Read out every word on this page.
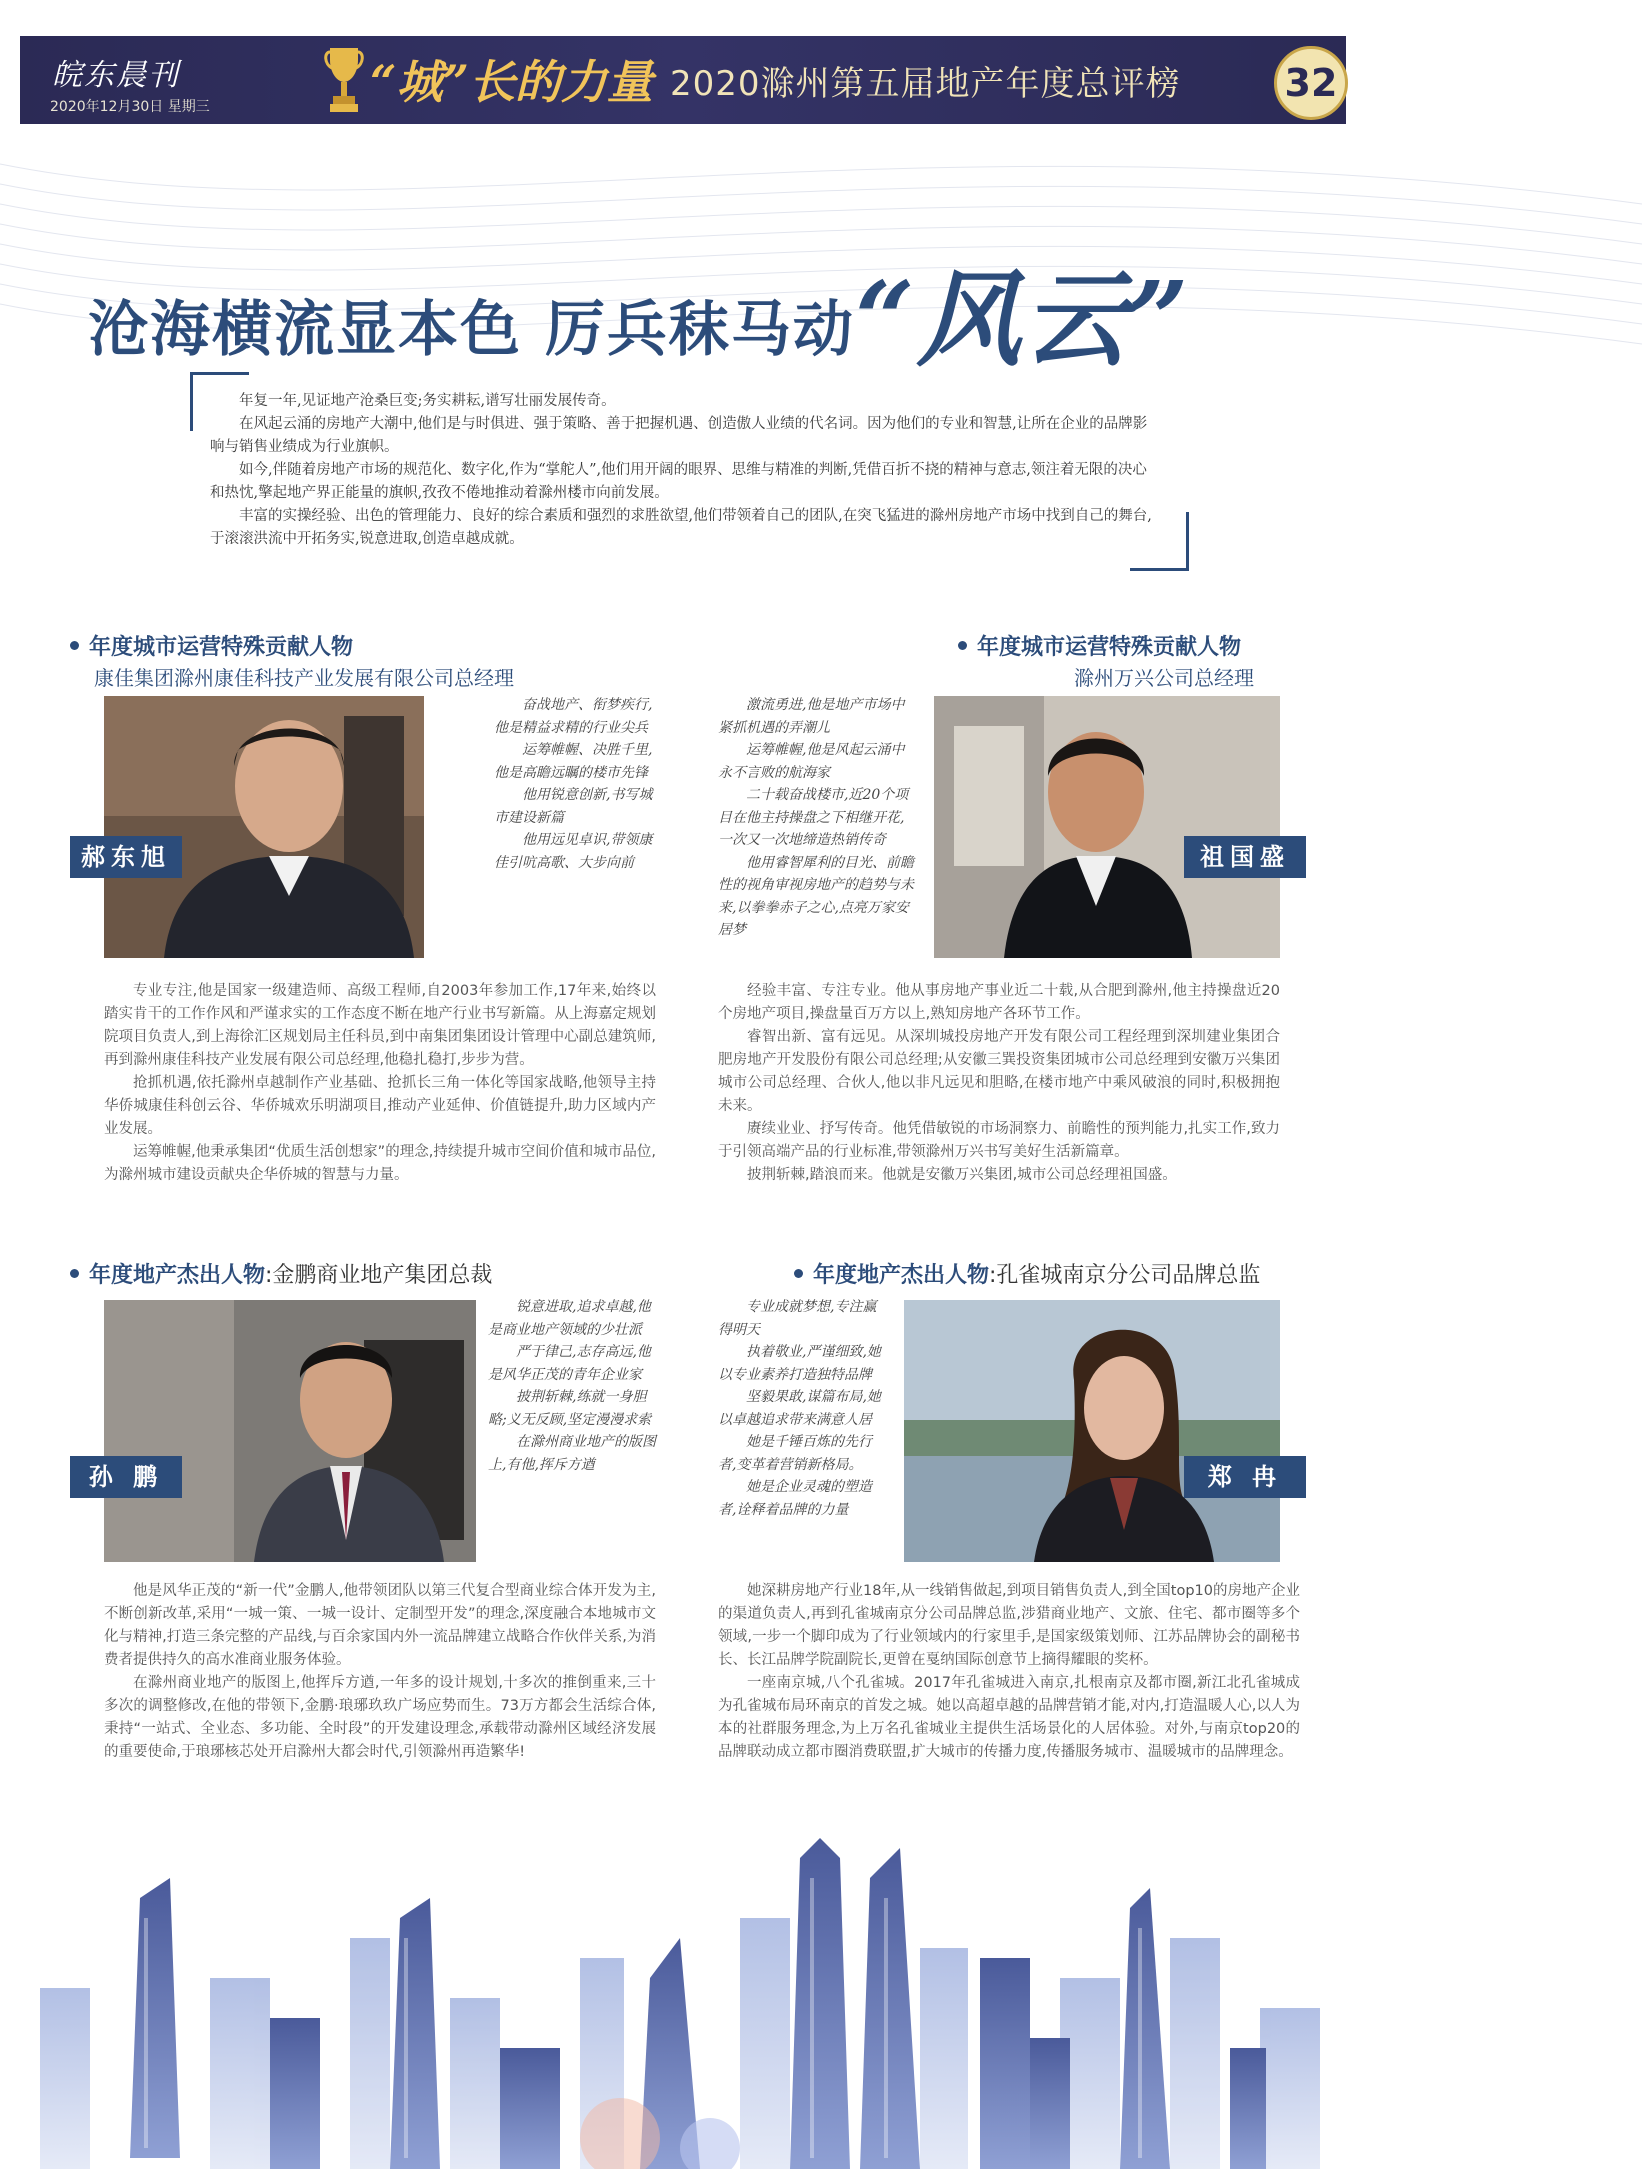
皖东晨刊
2020年12月30日 星期三	“城”长的力量 2020滁州第五届地产年度总评榜	32
沧海横流显本色 厉兵秣马动“风云”

年复一年,见证地产沧桑巨变;务实耕耘,谱写壮丽发展传奇。

在风起云涌的房地产大潮中,他们是与时俱进、强于策略、善于把握机遇、创造傲人业绩的代名词。因为他们的专业和智慧,让所在企业的品牌影响与销售业绩成为行业旗帜。

如今,伴随着房地产市场的规范化、数字化,作为“掌舵人”,他们用开阔的眼界、思维与精准的判断,凭借百折不挠的精神与意志,领注着无限的决心和热忱,擎起地产界正能量的旗帜,孜孜不倦地推动着滁州楼市向前发展。

丰富的实操经验、出色的管理能力、良好的综合素质和强烈的求胜欲望,他们带领着自己的团队,在突飞猛进的滁州房地产市场中找到自己的舞台,于滚滚洪流中开拓务实,锐意进取,创造卓越成就。

年度城市运营特殊贡献人物
康佳集团滁州康佳科技产业发展有限公司总经理
郝东旭

奋战地产、衔梦疾行,他是精益求精的行业尖兵

运筹帷幄、决胜千里,他是高瞻远瞩的楼市先锋

他用锐意创新,书写城市建设新篇

他用远见卓识,带领康佳引吭高歌、大步向前

专业专注,他是国家一级建造师、高级工程师,自2003年参加工作,17年来,始终以踏实肯干的工作作风和严谨求实的工作态度不断在地产行业书写新篇。从上海嘉定规划院项目负责人,到上海徐汇区规划局主任科员,到中南集团集团设计管理中心副总建筑师,再到滁州康佳科技产业发展有限公司总经理,他稳扎稳打,步步为营。

抢抓机遇,依托滁州卓越制作产业基础、抢抓长三角一体化等国家战略,他领导主持华侨城康佳科创云谷、华侨城欢乐明湖项目,推动产业延伸、价值链提升,助力区域内产业发展。

运筹帷幄,他秉承集团“优质生活创想家”的理念,持续提升城市空间价值和城市品位,为滁州城市建设贡献央企华侨城的智慧与力量。

年度城市运营特殊贡献人物
滁州万兴公司总经理

激流勇进,他是地产市场中紧抓机遇的弄潮儿

运筹帷幄,他是风起云涌中永不言败的航海家

二十载奋战楼市,近20个项目在他主持操盘之下相继开花,一次又一次地缔造热销传奇

他用睿智犀利的目光、前瞻性的视角审视房地产的趋势与未来,以拳拳赤子之心,点亮万家安居梦

祖国盛

经验丰富、专注专业。他从事房地产事业近二十载,从合肥到滁州,他主持操盘近20个房地产项目,操盘量百万方以上,熟知房地产各环节工作。

睿智出新、富有远见。从深圳城投房地产开发有限公司工程经理到深圳建业集团合肥房地产开发股份有限公司总经理;从安徽三巽投资集团城市公司总经理到安徽万兴集团城市公司总经理、合伙人,他以非凡远见和胆略,在楼市地产中乘风破浪的同时,积极拥抱未来。

赓续业业、抒写传奇。他凭借敏锐的市场洞察力、前瞻性的预判能力,扎实工作,致力于引领高端产品的行业标准,带领滁州万兴书写美好生活新篇章。

披荆斩棘,踏浪而来。他就是安徽万兴集团,城市公司总经理祖国盛。

年度地产杰出人物:金鹏商业地产集团总裁
孙 鹏

锐意进取,追求卓越,他是商业地产领域的少壮派

严于律己,志存高远,他是风华正茂的青年企业家

披荆斩棘,练就一身胆略;义无反顾,坚定漫漫求索

在滁州商业地产的版图上,有他,挥斥方遒

他是风华正茂的“新一代”金鹏人,他带领团队以第三代复合型商业综合体开发为主,不断创新改革,采用“一城一策、一城一设计、定制型开发”的理念,深度融合本地城市文化与精神,打造三条完整的产品线,与百余家国内外一流品牌建立战略合作伙伴关系,为消费者提供持久的高水准商业服务体验。

在滁州商业地产的版图上,他挥斥方遒,一年多的设计规划,十多次的推倒重来,三十多次的调整修改,在他的带领下,金鹏·琅琊玖玖广场应势而生。73万方都会生活综合体,秉持“一站式、全业态、多功能、全时段”的开发建设理念,承载带动滁州区域经济发展的重要使命,于琅琊核芯处开启滁州大都会时代,引领滁州再造繁华!

年度地产杰出人物:孔雀城南京分公司品牌总监

专业成就梦想,专注赢得明天

执着敬业,严谨细致,她以专业素养打造独特品牌

坚毅果敢,谋篇布局,她以卓越追求带来满意人居

她是千锤百炼的先行者,变革着营销新格局。

她是企业灵魂的塑造者,诠释着品牌的力量

郑 冉

她深耕房地产行业18年,从一线销售做起,到项目销售负责人,到全国top10的房地产企业的渠道负责人,再到孔雀城南京分公司品牌总监,涉猎商业地产、文旅、住宅、都市圈等多个领域,一步一个脚印成为了行业领域内的行家里手,是国家级策划师、江苏品牌协会的副秘书长、长江品牌学院副院长,更曾在戛纳国际创意节上摘得耀眼的奖杯。

一座南京城,八个孔雀城。2017年孔雀城进入南京,扎根南京及都市圈,新江北孔雀城成为孔雀城布局环南京的首发之城。她以高超卓越的品牌营销才能,对内,打造温暖人心,以人为本的社群服务理念,为上万名孔雀城业主提供生活场景化的人居体验。对外,与南京top20的品牌联动成立都市圈消费联盟,扩大城市的传播力度,传播服务城市、温暖城市的品牌理念。
